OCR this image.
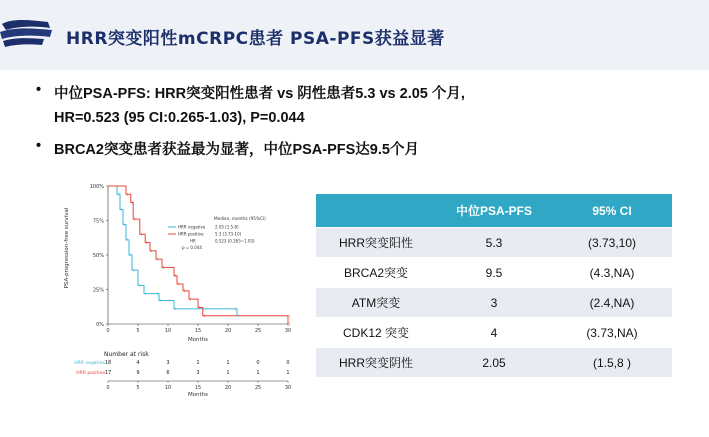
HRR突变阳性mCRPC患者 PSA-PFS获益显著
• 中位PSA-PFS: HRR突变阳性患者 vs 阴性患者5.3 vs 2.05 个月,
HR=0.523 (95 CI:0.265-1.03), P=0.044
• BRCA2突变患者获益最为显著，中位PSA-PFS达9.5个月
PSA-progression-free survival
Months
0%
25%
50%
75%
100%
0	5	10	15	20	25	30
Median, months (95%CI)
HRR negative 2.05 (1.5-8)
HRR positive	5.3 (3.73-10)
HR	0.523 (0.265~1.03)
p = 0.044
Number at risk
HRR negative 18	4	3	1	1	0	0
HRR positive 17	9	6	3	1	1	1
0	5	10	15	20	25	30
Months
中位PSA-PFS	95% CI
HRR突变阳性	5.3	(3.73,10)
BRCA2突变	9.5	(4.3,NA)
ATM突变	3	(2.4,NA)
CDK12 突变	4	(3.73,NA)
HRR突变阴性	2.05	(1.5,8 )
